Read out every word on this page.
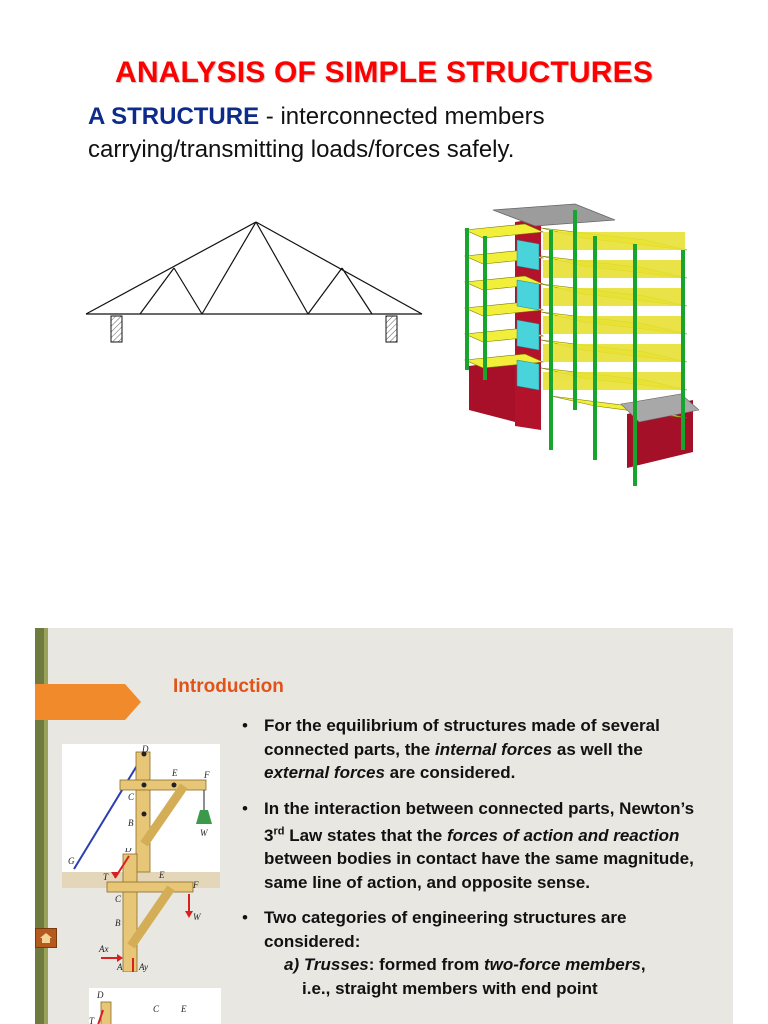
ANALYSIS OF SIMPLE STRUCTURES
A STRUCTURE - interconnected members carrying/transmitting loads/forces safely.
Introduction
D
E	F
C
B
W
G
D
E
F
C
B
T
W
A
Ax
Ay
D
C E
T
• For the equilibrium of structures made of several connected parts, the internal forces as well the external forces are considered.
• In the interaction between connected parts, Newton’s 3rd Law states that the forces of action and reaction between bodies in contact have the same magnitude, same line of action, and opposite sense.
• Two categories of engineering structures are considered:
a) Trusses: formed from two-force members,
i.e., straight members with end point
